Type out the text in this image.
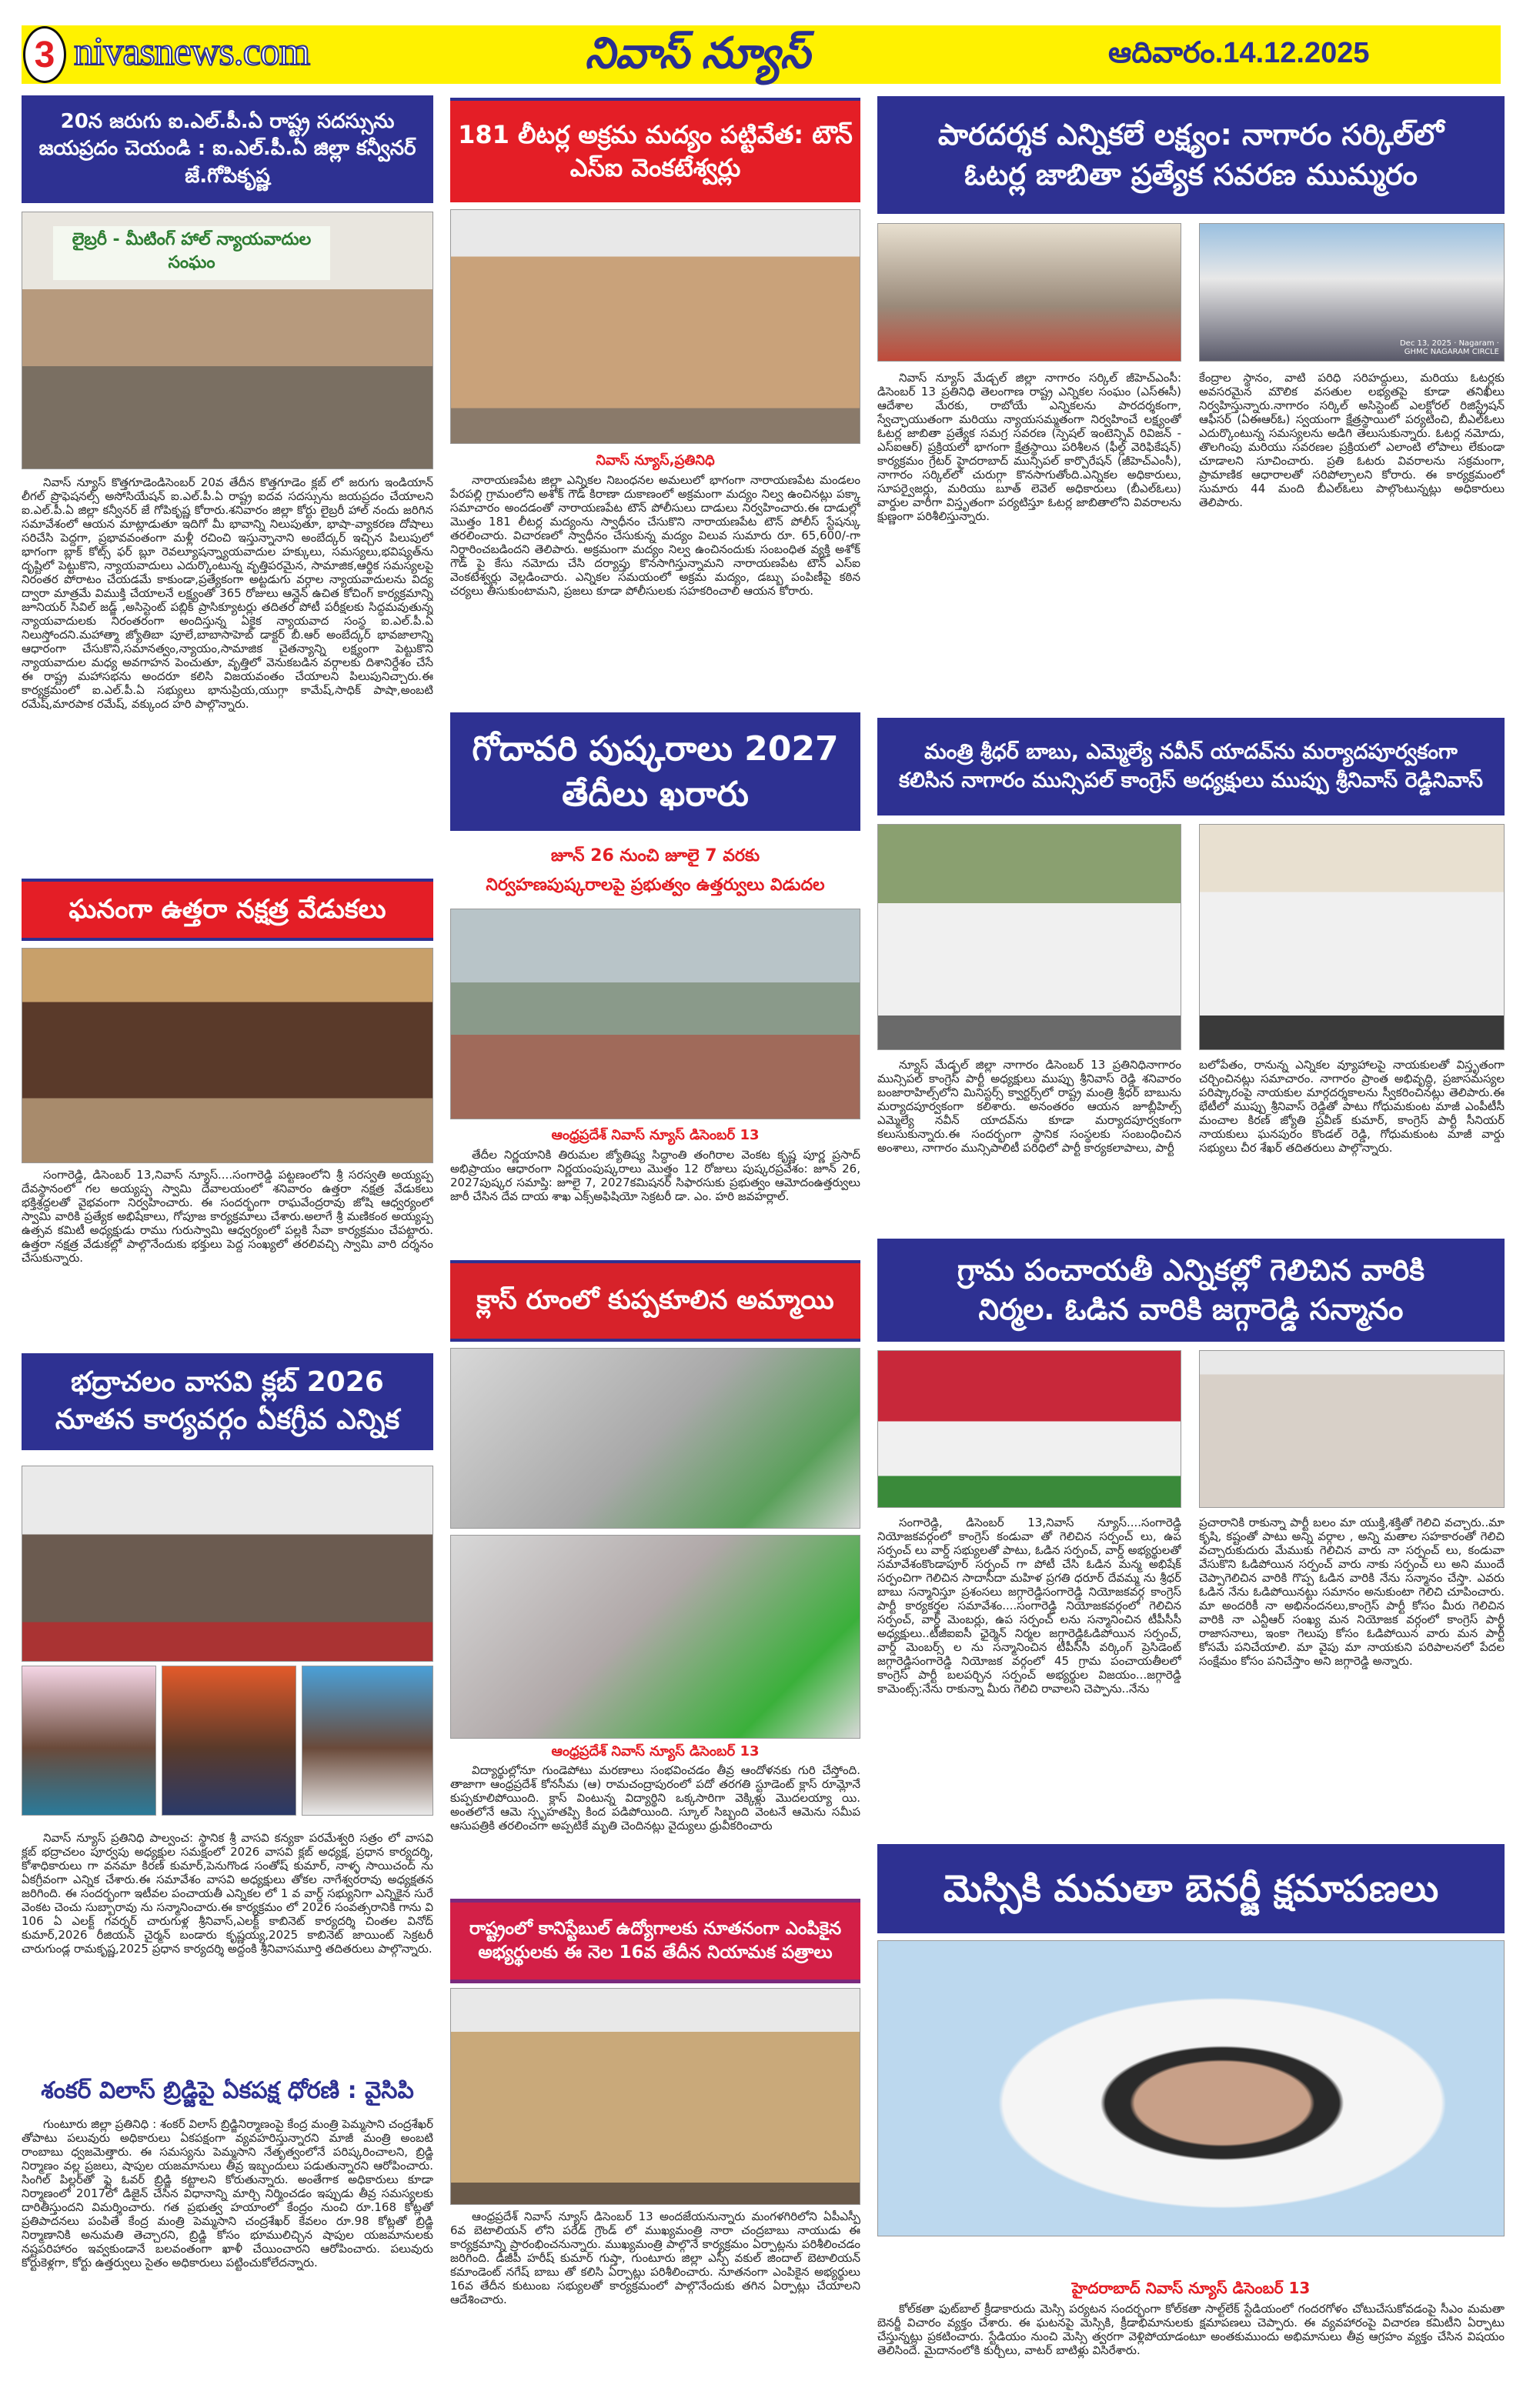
3 nivasnews.com	నివాస్ న్యూస్	ఆదివారం.14.12.2025
20న జరుగు ఐ.ఎల్.పీ.ఏ రాష్ట్ర సదస్సును జయప్రదం చెయండి : ఐ.ఎల్.పీ.ఏ జిల్లా కన్వీనర్ జే.గోపికృష్ణ
లైబ్రరీ - మీటింగ్ హాల్ న్యాయవాదుల సంఘం

నివాస్ న్యూస్ కొత్తగూడెండిసెంబర్ 20వ తేదీన కొత్తగూడెం క్లబ్ లో జరుగు ఇండియాన్ లీగల్ ప్రొఫెషనల్స్ అసోసియేషన్ ఐ.ఎల్.పీ.ఏ రాష్ట్ర ఐదవ సదస్సును జయప్రదం చేయాలని ఐ.ఎల్.పీ.ఏ జిల్లా కన్వీనర్ జే గోపికృష్ణ కోరారు.శనివారం జిల్లా కోర్టు లైబ్రరీ హాల్ నందు జరిగిన సమావేశంలో ఆయన మాట్లాడుతూ ఇదిగో మీ భావాన్ని నిలుపుతూ, భాషా-వ్యాకరణ దోషాలు సరిచేసి పెద్దగా, ప్రభావవంతంగా మళ్లీ రచించి ఇస్తున్నానాని అంబేద్కర్ ఇచ్చిన పిలుపులో భాగంగా బ్లాక్ కోట్స్ ఫర్ బ్లూ రెవల్యూషన్న్యాయవాదుల హక్కులు, సమస్యలు,భవిష్యత్‌ను దృష్టిలో పెట్టుకొని, న్యాయవాదులు ఎదుర్కొంటున్న వృత్తిపరమైన, సామాజిక,ఆర్థిక సమస్యలపై నిరంతర పోరాటం చేయడమే కాకుండా,ప్రత్యేకంగా అట్టడుగు వర్గాల న్యాయవాదులను విద్య ద్వారా మాత్రమే విముక్తి చేయాలనే లక్ష్యంతో 365 రోజులు ఆన్లైన్ ఉచిత కోచింగ్ కార్యక్రమాన్ని జూనియర్ సివిల్ జడ్జ్ ,అసిస్టెంట్ పబ్లిక్ ప్రాసిక్యూటర్లు తదితర పోటీ పరీక్షలకు సిద్ధమవుతున్న న్యాయవాదులకు నిరంతరంగా అందిస్తున్న ఏకైక న్యాయవాద సంస్థ ఐ.ఎల్.పీ.ఏ నిలుస్తోందని.మహాత్మా జ్యోతిబా పూలే,బాబాసాహెబ్ డాక్టర్ బీ.ఆర్ అంబేద్కర్ భావజాలాన్ని ఆధారంగా చేసుకొని,సమానత్వం,న్యాయం,సామాజిక చైతన్యాన్ని లక్ష్యంగా పెట్టుకొని న్యాయవాదుల మధ్య అవగాహన పెంచుతూ, వృత్తిలో వెనుకబడిన వర్గాలకు దిశానిర్దేశం చేసే ఈ రాష్ట్ర మహాసభను అందరూ కలిసి విజయవంతం చేయాలని పిలుపునిచ్చారు.ఈ కార్యక్రమంలో ఐ.ఎల్.పీ.ఏ సభ్యులు భానుప్రియ,యుగ్గా కామేష్,సాధిక్ పాషా,అంబటి రమేష్,మారపాక రమేష్, వక్కుంద హరి పాల్గొన్నారు.

ఘనంగా ఉత్తరా నక్షత్ర వేడుకలు

సంగారెడ్డి, డిసెంబర్ 13,నివాస్ న్యూస్....సంగారెడ్డి పట్టణంలోని శ్రీ సరస్వతి అయ్యప్ప దేవస్థానంలో గల అయ్యప్ప స్వామి దేవాలయంలో శనివారం ఉత్తరా నక్షత్ర వేడుకలు భక్తిశ్రద్ధలతో వైభవంగా నిర్వహించారు. ఈ సందర్భంగా రాఘవేంద్రరావు జోషి ఆధ్వర్యంలో స్వామి వారికి ప్రత్యేక అభిషేకాలు, గోపూజ కార్యక్రమాలు చేశారు.అలాగే శ్రీ మణికంఠ అయ్యప్ప ఉత్సవ కమిటీ అధ్యక్షుడు రాము గురుస్వామి ఆధ్వర్యంలో పల్లకి సేవా కార్యక్రమం చేపట్టారు. ఉత్తరా నక్షత్ర వేడుకల్లో పాల్గొనేందుకు భక్తులు పెద్ద సంఖ్యలో తరలివచ్చి స్వామి వారి దర్శనం చేసుకున్నారు.

భద్రాచలం వాసవి క్లబ్ 2026 నూతన కార్యవర్గం ఏకగ్రీవ ఎన్నిక

నివాస్ న్యూస్ ప్రతినిధి పాల్వంచ: స్థానిక శ్రీ వాసవి కన్యకా పరమేశ్వరి సత్రం లో వాసవి క్లబ్ భద్రాచలం పూర్వపు అధ్యక్షుల సమక్షంలో 2026 వాసవి క్లబ్ అధ్యక్ష, ప్రధాన కార్యదర్శి, కోశాధికారులు గా వనమా కిరణ్ కుమార్,పెనుగొండ సంతోష్ కుమార్, నాళ్ళ సాయిచంద్ ను ఏకగ్రీవంగా ఎన్నిక చేశారు.ఈ సమావేశం వాసవి అధ్యక్షులు తోకల నాగేశ్వరరావు అధ్యక్షతన జరిగింది. ఈ సందర్భంగా ఇటీవల పంచాయతీ ఎన్నికల లో 1 వ వార్డ్ సభ్యునిగా ఎన్నికైన సురే వెంకట చెంచు సుబ్బారావు ను సన్మానించారు.ఈ కార్యక్రమం లో 2026 సంవత్సరానికి గాను వి 106 ఏ ఎలక్ట్ గవర్నర్ చారుగుళ్ల శ్రీనివాస్,ఎలక్ట్ కాబినెట్ కార్యదర్శి చింతల వినోద్ కుమార్,2026 రీజియన్ చైర్మన్ బండారు కృష్ణయ్య,2025 కాబినెట్ జాయింట్ సెక్రటరీ చారుగుండ్ల రామకృష్ణ,2025 ప్రధాన కార్యదర్శి అద్దంకి శ్రీనివాసమూర్తి తదితరులు పాల్గొన్నారు.

శంకర్ విలాస్ బ్రిడ్జిపై ఏకపక్ష ధోరణి : వైసిపి

గుంటూరు జిల్లా ప్రతినిధి : శంకర్ విలాస్ బ్రిడ్జినిర్మాణంపై కేంద్ర మంత్రి పెమ్మసాని చంద్రశేఖర్ తోపాటు పలువురు అధికారులు ఏకపక్షంగా వ్యవహరిస్తున్నారని మాజీ మంత్రి అంబటి రాంబాబు ధ్వజమెత్తారు. ఈ సమస్యను పెమ్మసాని నేతృత్వంలోనే పరిష్కరించాలని, బ్రిడ్జి నిర్మాణం వల్ల ప్రజలు, షాపుల యజమానులు తీవ్ర ఇబ్బందులు పడుతున్నారని ఆరోపించారు. సింగిల్ పిల్లర్‌తో ఫ్లై ఓవర్ బ్రిడ్జి కట్టాలని కోరుతున్నారు. అంతేగాక అధికారులు కూడా నిర్మాణంలో 2017లో డిజైన్ చేసిన విధానాన్ని మార్చి నిర్మించడం ఇప్పుడు తీవ్ర సమస్యలకు దారితీస్తుందని విమర్శించారు. గత ప్రభుత్వ హయాంలో కేంద్రం నుంచి రూ.168 కోట్లతో ప్రతిపాదనలు పంపితే కేంద్ర మంత్రి పెమ్మసాని చంద్రశేఖర్ కేవలం రూ.98 కోట్లతో బ్రిడ్జి నిర్మాణానికి అనుమతి తెచ్చారని, బ్రిడ్జి కోసం భూములిచ్చిన షాపుల యజమానులకు నష్టపరిహారం ఇవ్వకుండానే బలవంతంగా ఖాళీ చేయించారని ఆరోపించారు. పలువురు కోర్టుకెళ్లగా, కోర్టు ఉత్తర్వులు సైతం అధికారులు పట్టించుకోలేదన్నారు.

181 లీటర్ల అక్రమ మద్యం పట్టివేత: టౌన్ ఎస్ఐ వెంకటేశ్వర్లు
నివాస్ న్యూస్,ప్రతినిధి

నారాయణపేట జిల్లా ఎన్నికల నిబంధనల అమలులో భాగంగా నారాయణపేట మండలం పేరపల్లి గ్రామంలోని అశోక్ గౌడ్ కిరాణా దుకాణంలో అక్రమంగా మద్యం నిల్వ ఉంచినట్లు పక్కా సమాచారం అందడంతో నారాయణపేట టౌన్ పోలీసులు దాడులు నిర్వహించారు.ఈ దాడుల్లో మొత్తం 181 లీటర్ల మద్యంను స్వాధీనం చేసుకొని నారాయణపేట టౌన్ పోలీస్ స్టేషన్కు తరలించారు. విచారణలో స్వాధీనం చేసుకున్న మద్యం విలువ సుమారు రూ. 65,600/-గా నిర్ధారించబడిందని తెలిపారు. అక్రమంగా మద్యం నిల్వ ఉంచినందుకు సంబంధిత వ్యక్తి అశోక్ గౌడ్ పై కేసు నమోదు చేసి దర్యాప్తు కొనసాగిస్తున్నామని నారాయణపేట టౌన్ ఎస్ఐ వెంకటేశ్వర్లు వెల్లడించారు. ఎన్నికల సమయంలో అక్రమ మద్యం, డబ్బు పంపిణీపై కఠిన చర్యలు తీసుకుంటామని, ప్రజలు కూడా పోలీసులకు సహకరించాలి ఆయన కోరారు.

గోదావరి పుష్కరాలు 2027 తేదీలు ఖరారు
జూన్ 26 నుంచి జూలై 7 వరకు
నిర్వహణపుష్కరాలపై ప్రభుత్వం ఉత్తర్వులు విడుదల
ఆంధ్రప్రదేశ్ నివాస్ న్యూస్ డిసెంబర్ 13

తేదీల నిర్ణయానికి తిరుమల జ్యోతిష్య సిద్ధాంతి తంగిరాల వెంకట కృష్ణ పూర్ణ ప్రసాద్ అభిప్రాయం ఆధారంగా నిర్ణయంపుష్కరాలు మొత్తం 12 రోజులు పుష్కరప్రవేశం: జూన్ 26, 2027పుష్కర సమాప్తి: జూలై 7, 2027కమిషనర్ సిఫారసుకు ప్రభుత్వం ఆమోదంఉత్తర్వులు జారీ చేసిన దేవ దాయ శాఖ ఎక్స్‌అఫిషియో సెక్రటరీ డా. ఎం. హరి జవహర్లాల్.

క్లాస్ రూంలో కుప్పకూలిన అమ్మాయి
ఆంధ్రప్రదేశ్ నివాస్ న్యూస్ డిసెంబర్ 13

విద్యార్థుల్లోనూ గుండెపోటు మరణాలు సంభవించడం తీవ్ర ఆందోళనకు గురి చేస్తోంది. తాజాగా ఆంధ్రప్రదేశ్ కోనసీమ (ఆ) రామచంద్రాపురంలో పదో తరగతి స్టూడెంట్ క్లాస్ రూమ్లోనే కుప్పకూలిపోయింది. క్లాస్ వింటున్న విద్యార్థిని ఒక్కసారిగా వెక్కిళ్లు మొదలయ్యా యి. అంతలోనే ఆమె స్పృహతప్పి కింద పడిపోయింది. స్కూల్ సిబ్బంది వెంటనే ఆమెను సమీప ఆసుపత్రికి తరలించగా అప్పటికే మృతి చెందినట్లు వైద్యులు ధ్రువీకరించారు

రాష్ట్రంలో కానిస్టేబుల్ ఉద్యోగాలకు నూతనంగా ఎంపికైన
అభ్యర్థులకు ఈ నెల 16వ తేదీన నియామక పత్రాలు

ఆంధ్రప్రదేశ్ నివాస్ న్యూస్ డిసెంబర్ 13 అందజేయనున్నారు మంగళగిరిలోని ఏపీఎస్పీ 6వ బెటాలియన్ లోని పరేడ్ గ్రౌండ్ లో ముఖ్యమంత్రి నారా చంద్రబాబు నాయుడు ఈ కార్యక్రమాన్ని ప్రారంభించనున్నారు. ముఖ్యమంత్రి పాల్గొనే కార్యక్రమం ఏర్పాట్లను పరిశీలించడం జరిగింది. డీజీపీ హరీష్ కుమార్ గుప్తా, గుంటూరు జిల్లా ఎస్పీ వకుల్ జిందాల్ బెటాలియన్ కమాండెంట్ నగేష్ బాబు తో కలిసి ఏర్పాట్లు పరిశీలించారు. నూతనంగా ఎంపికైన అభ్యర్థులు 16వ తేదీన కుటుంబ సభ్యులతో కార్యక్రమంలో పాల్గొనేందుకు తగిన ఏర్పాట్లు చేయాలని ఆదేశించారు.

పారదర్శక ఎన్నికలే లక్ష్యం: నాగారం సర్కిల్‌లో
ఓటర్ల జాబితా ప్రత్యేక సవరణ ముమ్మరం
Dec 13, 2025 · Nagaram · GHMC NAGARAM CIRCLE

నివాస్ న్యూస్ మేడ్చల్ జిల్లా నాగారం సర్కిల్ జీహెచ్ఎంసీ: డిసెంబర్ 13 ప్రతినిధి తెలంగాణ రాష్ట్ర ఎన్నికల సంఘం (ఎస్ఈసీ) ఆదేశాల మేరకు, రాబోయే ఎన్నికలను పారదర్శకంగా, స్వేచ్ఛాయుతంగా మరియు న్యాయసమ్మతంగా నిర్వహించే లక్ష్యంతో ఓటర్ల జాబితా ప్రత్యేక సమగ్ర సవరణ (స్పెషల్ ఇంటెన్సివ్ రివిజన్ - ఎస్ఐఆర్) ప్రక్రియలో భాగంగా క్షేత్రస్థాయి పరిశీలన (ఫీల్డ్ వెరిఫికేషన్) కార్యక్రమం గ్రేటర్ హైదరాబాద్ మున్సిపల్ కార్పొరేషన్ (జీహెచ్ఎంసీ), నాగారం సర్కిల్‌లో చురుగ్గా కొనసాగుతోంది.ఎన్నికల అధికారులు, సూపర్వైజర్లు, మరియు బూత్ లెవెల్ అధికారులు (బీఎల్ఓలు) వార్డుల వారీగా విస్తృతంగా పర్యటిస్తూ ఓటర్ల జాబితాలోని వివరాలను క్షుణ్ణంగా పరిశీలిస్తున్నారు.

కేంద్రాల స్థానం, వాటి పరిధి సరిహద్దులు, మరియు ఓటర్లకు అవసరమైన మౌలిక వసతుల లభ్యతపై కూడా తనిఖీలు నిర్వహిస్తున్నారు.నాగారం సర్కిల్ అసిస్టెంట్ ఎలక్టోరల్ రిజిస్ట్రేషన్ ఆఫీసర్ (ఏఈఆర్ఓ) స్వయంగా క్షేత్రస్థాయిలో పర్యటించి, బీఎల్ఓలు ఎదుర్కొంటున్న సమస్యలను అడిగి తెలుసుకున్నారు. ఓటర్ల నమోదు, తొలగింపు మరియు సవరణల ప్రక్రియలో ఎలాంటి లోపాలు లేకుండా చూడాలని సూచించారు. ప్రతి ఓటరు వివరాలను సక్రమంగా, ప్రామాణిక ఆధారాలతో సరిపోల్చాలని కోరారు. ఈ కార్యక్రమంలో సుమారు 44 మంది బీఎల్ఓలు పాల్గొంటున్నట్లు అధికారులు తెలిపారు.

మంత్రి శ్రీధర్ బాబు, ఎమ్మెల్యే నవీన్ యాదవ్‌ను మర్యాదపూర్వకంగా
కలిసిన నాగారం మున్సిపల్ కాంగ్రెస్ అధ్యక్షులు ముప్పు శ్రీనివాస్ రెడ్డినివాస్

న్యూస్ మేడ్చల్ జిల్లా నాగారం డిసెంబర్ 13 ప్రతినిధినాగారం మున్సిపల్ కాంగ్రెస్ పార్టీ అధ్యక్షులు ముప్పు శ్రీనివాస్ రెడ్డి శనివారం బంజారాహిల్స్‌లోని మినిస్టర్స్ క్వార్టర్స్‌లో రాష్ట్ర మంత్రి శ్రీధర్ బాబును మర్యాదపూర్వకంగా కలిశారు. అనంతరం ఆయన జూబ్లీహిల్స్ ఎమ్మెల్యే నవీన్ యాదవ్‌ను కూడా మర్యాదపూర్వకంగా కలుసుకున్నారు.ఈ సందర్భంగా స్థానిక సంస్థలకు సంబంధించిన అంశాలు, నాగారం మున్సిపాలిటీ పరిధిలో పార్టీ కార్యకలాపాలు, పార్టీ

బలోపేతం, రానున్న ఎన్నికల వ్యూహాలపై నాయకులతో విస్తృతంగా చర్చించినట్లు సమాచారం. నాగారం ప్రాంత అభివృద్ధి, ప్రజాసమస్యల పరిష్కారంపై నాయకుల మార్గదర్శకాలను స్వీకరించినట్లు తెలిపారు.ఈ భేటీలో ముప్పు శ్రీనివాస్ రెడ్డితో పాటు గోధుమకుంట మాజీ ఎంపీటీసీ మంచాల కిరణ్ జ్యోతి ప్రవీణ్ కుమార్, కాంగ్రెస్ పార్టీ సీనియర్ నాయకులు ఘనపురం కొండల్ రెడ్డి, గోధుమకుంట మాజీ వార్డు సభ్యులు చీర శేఖర్ తదితరులు పాల్గొన్నారు.

గ్రామ పంచాయతీ ఎన్నికల్లో గెలిచిన వారికి
నిర్మల. ఓడిన వారికి జగ్గారెడ్డి సన్మానం

సంగారెడ్డి, డిసెంబర్ 13,నివాస్ న్యూస్....సంగారెడ్డి నియోజకవర్గంలో కాంగ్రెస్ కండువా తో గెలిచిన సర్పంచ్ లు, ఉప సర్పంచ్ లు వార్డ్ సభ్యులతో పాటు, ఓడిన సర్పంచ్, వార్డ్ అభ్యర్థులతో సమావేశంకొండాపూర్ సర్పంచ్ గా పోటీ చేసి ఓడిన మన్మ అభిషేక్ సర్పంచిగా గెలిచిన సాదాసీదా మహిళ ప్రగతి ధరూర్ దేవమ్మ ను శ్రీధర్ బాబు సన్మానిస్తూ ప్రశంసలు జగ్గారెడ్డిసంగారెడ్డి నియోజకవర్గ కాంగ్రెస్ పార్టీ కార్యకర్తల సమావేశం....సంగారెడ్డి నియోజకవర్గంలో గెలిచిన సర్పంచ్, వార్డ్ మెంబర్లు, ఉప సర్పంచ్ లను సన్మానించిన టీపీసీసీ అధ్యక్షులు..టీజీఐఐసీ ఛైర్మెన్ నిర్మల జగ్గారెడ్డిఓడిపోయిన సర్పంచ్, వార్డ్ మెంబర్స్ ల ను సన్మానించిన టీపీసీసీ వర్కింగ్ ప్రెసిడెంట్ జగ్గారెడ్డిసంగారెడ్డి నియోజక వర్గంలో 45 గ్రామ పంచాయతీలలో కాంగ్రెస్ పార్టీ బలపర్చిన సర్పంచ్ అభ్యర్థుల విజయం...జగ్గారెడ్డి కామెంట్స్:నేను రాకున్నా మీరు గెలిచి రావాలని చెప్పాను..నేను

ప్రచారానికి రాకున్నా పార్టీ బలం మా యుక్తి,శక్తితో గెలిచి వచ్చారు..మా కృషి, కష్టంతో పాటు అన్ని వర్గాల , అన్ని మతాల సహకారంతో గెలిచి వచ్చారుకుదురు మేముకు గెలిచిన వారు నా సర్పంచ్ లు, కండువా వేసుకొని ఓడిపోయిన సర్పంచ్ వారు నాకు సర్పంచ్ లు అని ముందే చెప్పాగెలిచిన వారికి గొప్ప ఓడిన వారికి నేను సన్మానం చేస్తా. ఎవరు ఓడిన నేను ఓడిపోయినట్టు సమానం అనుకుంటా గెలిచి చూపించారు. మా అందరికీ నా అభినందనలు,కాంగ్రెస్ పార్టీ కోసం మీరు గెలిచిన వారికి నా ఎన్టీఆర్ సంఖ్య మన నియోజక వర్గంలో కాంగ్రెస్ పార్టీ రాజాసనాలు, ఇంకా గెలుపు కోసం ఓడిపోయిన వారు మన పార్టీ కోసమే పనిచేయాలి. మా వైపు మా నాయకుని పరిపాలనలో పేదల సంక్షేమం కోసం పనిచేస్తాం అని జగ్గారెడ్డి అన్నారు.

మెస్సికి మమతా బెనర్జీ క్షమాపణలు
హైదరాబాద్ నివాస్ న్యూస్ డిసెంబర్ 13

కోల్‌కతా ఫుట్‌బాల్ క్రీడాకారుదు మెస్సి పర్యటన సందర్భంగా కోల్‌కతా సాల్ట్‌లేక్ స్టేడియంలో గందరగోళం చోటుచేసుకోవడంపై సీఎం మమతా బెనర్జీ విచారం వ్యక్తం చేశారు. ఈ ఘటనపై మెస్సికి, క్రీడాభిమానులకు క్షమాపణలు చెప్పారు. ఈ వ్యవహారంపై విచారణ కమిటీని ఏర్పాటు చేస్తున్నట్లు ప్రకటించారు. స్టేడియం నుంచి మెస్సి త్వరగా వెళ్లిపోయాడంటూ అంతకుముందు అభిమానులు తీవ్ర ఆగ్రహం వ్యక్తం చేసిన విషయం తెలిసిందే. మైదానంలోకి కుర్చీలు, వాటర్ బాటిళ్లు విసిరేశారు.
